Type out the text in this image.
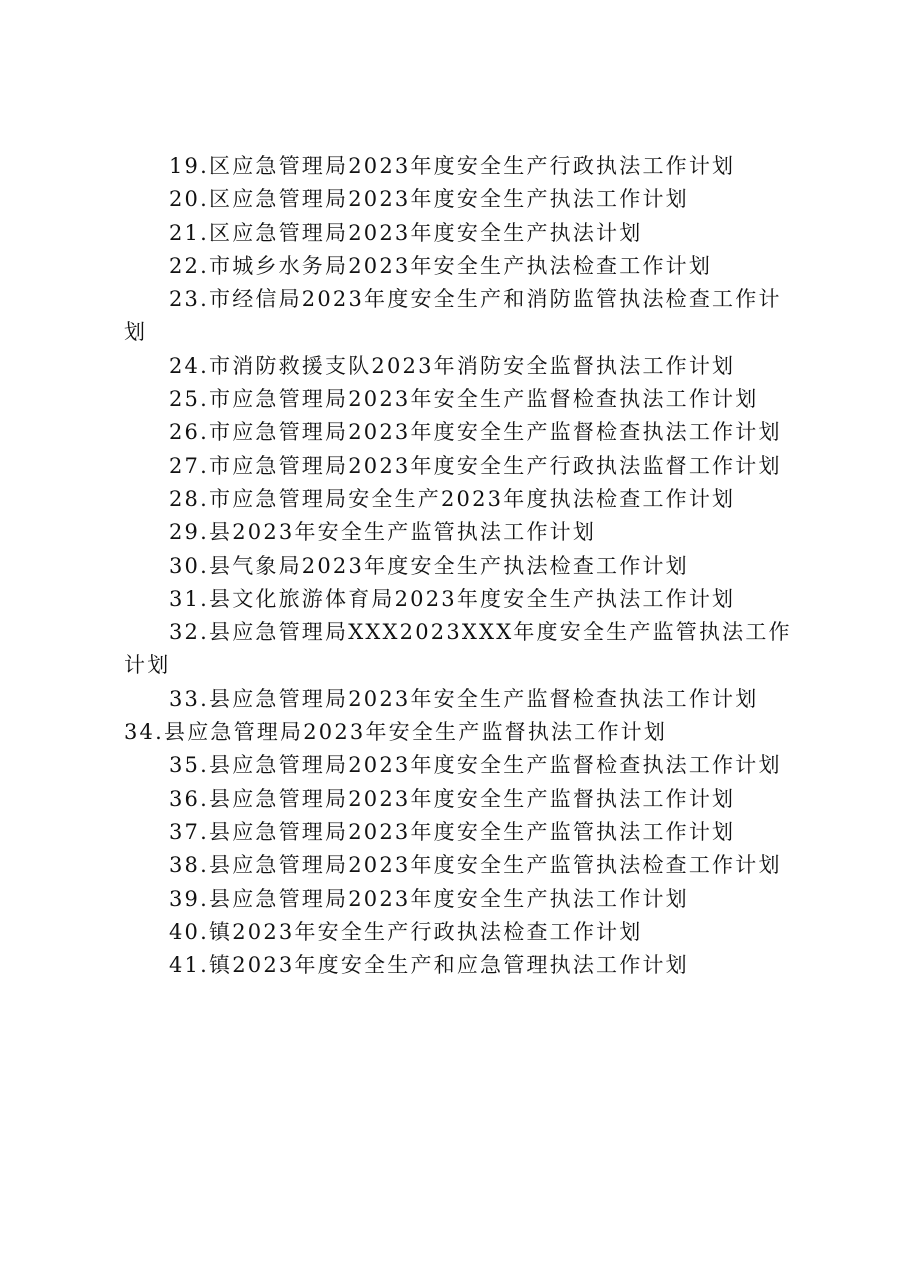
19.区应急管理局2023年度安全生产行政执法工作计划

20.区应急管理局2023年度安全生产执法工作计划

21.区应急管理局2023年度安全生产执法计划

22.市城乡水务局2023年安全生产执法检查工作计划

23.市经信局2023年度安全生产和消防监管执法检查工作计划

24.市消防救援支队2023年消防安全监督执法工作计划

25.市应急管理局2023年安全生产监督检查执法工作计划

26.市应急管理局2023年度安全生产监督检查执法工作计划

27.市应急管理局2023年度安全生产行政执法监督工作计划

28.市应急管理局安全生产2023年度执法检查工作计划

29.县2023年安全生产监管执法工作计划

30.县气象局2023年度安全生产执法检查工作计划

31.县文化旅游体育局2023年度安全生产执法工作计划

32.县应急管理局XXX2023XXX年度安全生产监管执法工作计划

33.县应急管理局2023年安全生产监督检查执法工作计划

34.县应急管理局2023年安全生产监督执法工作计划

35.县应急管理局2023年度安全生产监督检查执法工作计划

36.县应急管理局2023年度安全生产监督执法工作计划

37.县应急管理局2023年度安全生产监管执法工作计划

38.县应急管理局2023年度安全生产监管执法检查工作计划

39.县应急管理局2023年度安全生产执法工作计划

40.镇2023年安全生产行政执法检查工作计划

41.镇2023年度安全生产和应急管理执法工作计划
